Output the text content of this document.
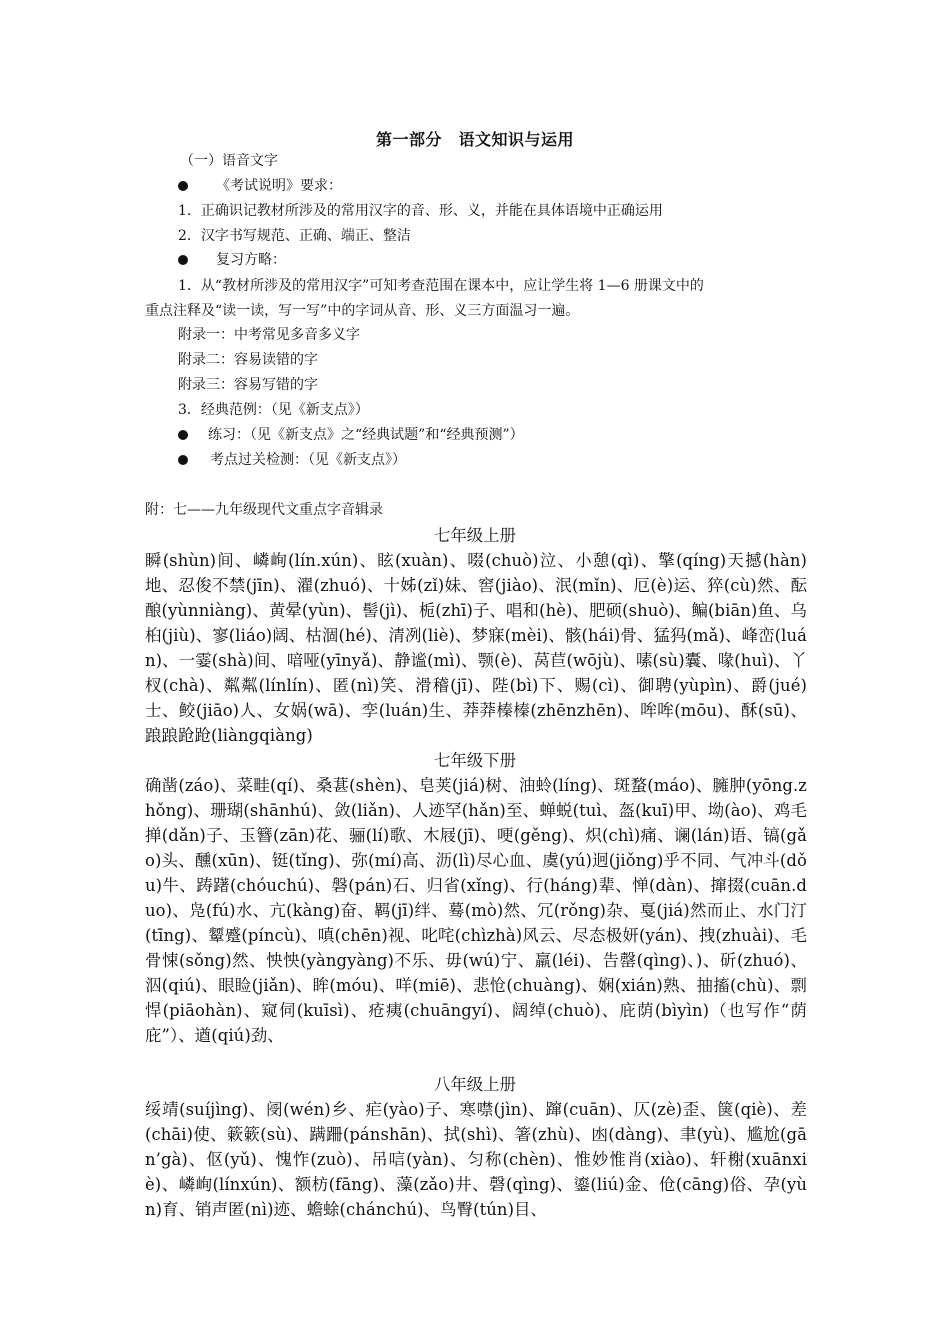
第一部分　语文知识与运用
（一）语音文字
《考试说明》要求：
1．正确识记教材所涉及的常用汉字的音、形、义，并能在具体语境中正确运用
2．汉字书写规范、正确、端正、整洁
复习方略：
1．从“教材所涉及的常用汉字”可知考查范围在课本中，应让学生将 1—6 册课文中的
重点注释及“读一读，写一写”中的字词从音、形、义三方面温习一遍。
附录一：中考常见多音多义字
附录二：容易读错的字
附录三：容易写错的字
3．经典范例：（见《新支点》）
练习：（见《新支点》之“经典试题”和“经典预测”）
考点过关检测：（见《新支点》）
附：七——九年级现代文重点字音辑录
七年级上册
瞬(shùn)间、嶙峋(lín.xún)、眩(xuàn)、啜(chuò)泣、小憩(qì)、擎(qíng)天撼(hàn)地、忍俊不禁(jīn)、濯(zhuó)、十姊(zǐ)妹、窖(jiào)、泯(mǐn)、厄(è)运、猝(cù)然、酝酿(yùnniàng)、黄晕(yùn)、髻(jì)、栀(zhī)子、唱和(hè)、肥硕(shuò)、鳊(biān)鱼、乌桕(jiù)、寥(liáo)阔、枯涸(hé)、清冽(liè)、梦寐(mèi)、骸(hái)骨、猛犸(mǎ)、峰峦(luán)、一霎(shà)间、喑哑(yīnyǎ)、静谧(mì)、颚(è)、莴苣(wōjù)、嗉(sù)囊、喙(huì)、丫杈(chà)、粼粼(línlín)、匿(nì)笑、滑稽(jī)、陛(bì)下、赐(cì)、御聘(yùpìn)、爵(jué)士、鲛(jiāo)人、女娲(wā)、孪(luán)生、莽莽榛榛(zhēnzhēn)、哞哞(mōu)、酥(sū)、踉踉跄跄(liàngqiàng)
七年级下册
确凿(záo)、菜畦(qí)、桑葚(shèn)、皂荚(jiá)树、油蛉(líng)、斑蝥(máo)、臃肿(yōng.zhǒng)、珊瑚(shānhú)、敛(liǎn)、人迹罕(hǎn)至、蝉蜕(tuì、盔(kuī)甲、坳(ào)、鸡毛掸(dǎn)子、玉簪(zān)花、骊(lí)歌、木屐(jī)、哽(gěng)、炽(chì)痛、谰(lán)语、镐(gǎo)头、醺(xūn)、铤(tǐng)、弥(mí)高、沥(lì)尽心血、虞(yú)迥(jiǒng)乎不同、气冲斗(dǒu)牛、踌躇(chóuchú)、磐(pán)石、归省(xǐng)、行(háng)辈、惮(dàn)、撺掇(cuān.duo)、凫(fú)水、亢(kàng)奋、羁(jī)绊、蓦(mò)然、冗(rǒng)杂、戛(jiá)然而止、水门汀(tīng)、颦蹙(píncù)、嗔(chēn)视、叱咤(chìzhà)风云、尽态极妍(yán)、拽(zhuài)、毛骨悚(sǒng)然、怏怏(yàngyàng)不乐、毋(wú)宁、羸(léi)、告罄(qìng)、)、斫(zhuó)、泅(qiú)、眼睑(jiǎn)、眸(móu)、咩(miē)、悲怆(chuàng)、娴(xián)熟、抽搐(chù)、剽悍(piāohàn)、窥伺(kuīsì)、疮痍(chuāngyí)、阔绰(chuò)、庇荫(bìyìn)（也写作“荫庇”）、遒(qiú)劲、
八年级上册
绥靖(suíjìng)、阌(wén)乡、疟(yào)子、寒噤(jìn)、蹿(cuān)、仄(zè)歪、箧(qiè)、差(chāi)使、簌簌(sù)、蹒跚(pánshān)、拭(shì)、箸(zhù)、凼(dàng)、聿(yù)、尴尬(gān’gà)、伛(yǔ)、愧怍(zuò)、吊唁(yàn)、匀称(chèn)、惟妙惟肖(xiào)、轩榭(xuānxiè)、嶙峋(línxún)、额枋(fāng)、藻(zǎo)井、磬(qìng)、鎏(liú)金、伧(cāng)俗、孕(yùn)育、销声匿(nì)迹、蟾蜍(chánchú)、鸟臀(tún)目、
